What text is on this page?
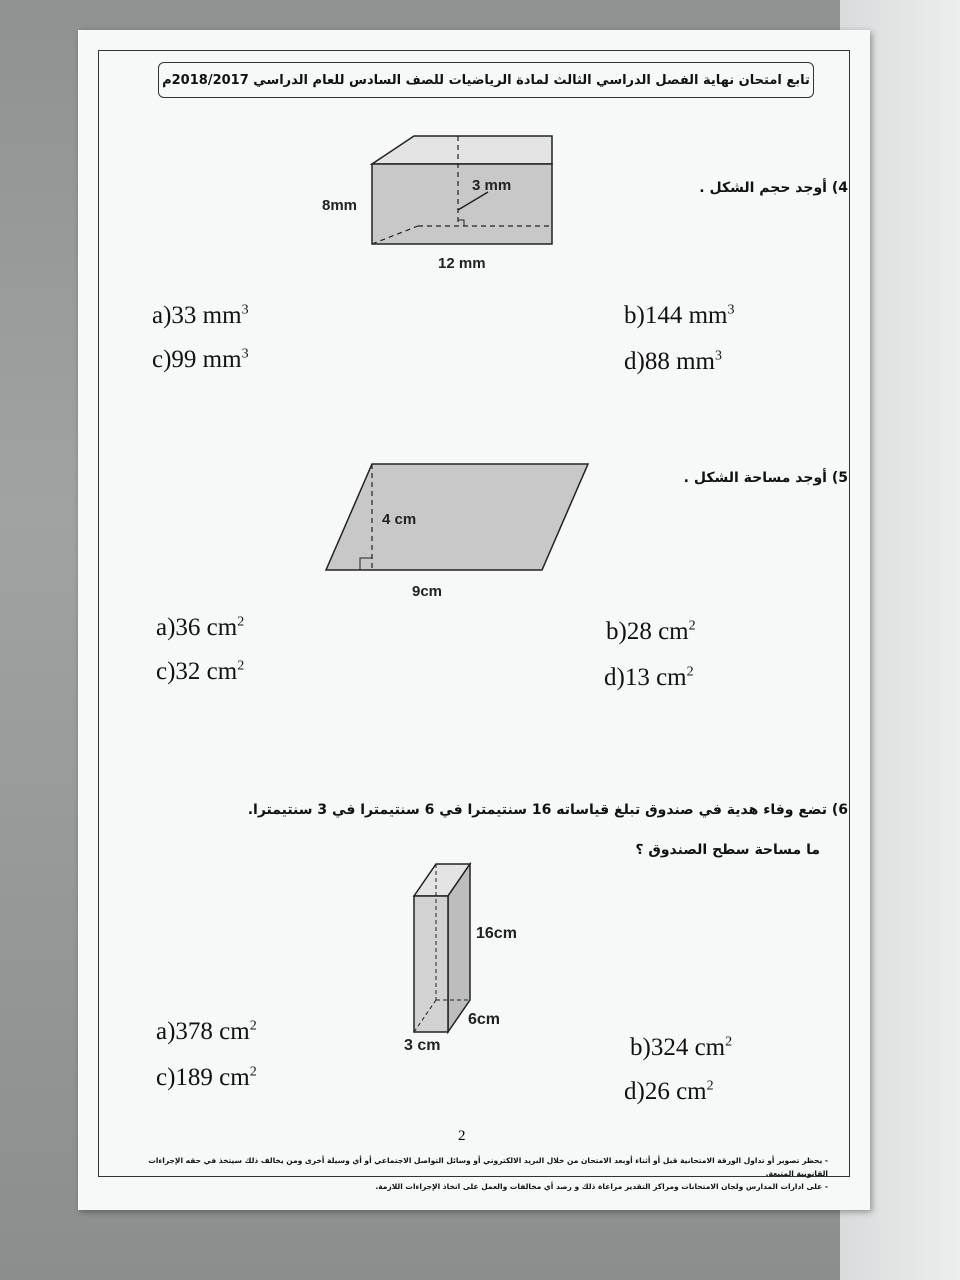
تابع امتحان نهاية الفصل الدراسي الثالث لمادة الرياضيات للصف السادس للعام الدراسي 2018/2017م
4) أوجد حجم الشكل .
3 mm
8mm
12 mm
a)33 $mm^3$	b)144 $mm^3$
c)99 $mm^3$	d)88 $mm^3$
5) أوجد مساحة الشكل .
4 cm
9cm
a)36 $cm^2$	b)28 $cm^2$
c)32 $cm^2$	d)13 $cm^2$
6) تضع وفاء هدية في صندوق تبلغ قياساته 16 سنتيمترا في 6 سنتيمترا في 3 سنتيمترا.
ما مساحة سطح الصندوق ؟
16cm
6cm
3 cm
a)378 $cm^2$
b)324 $cm^2$
c)189 $cm^2$
d)26 $cm^2$
2
- يحظر تصوير أو تداول الورقة الامتحانية قبل أو أثناء أوبعد الامتحان من خلال البريد الالكتروني أو وسائل التواصل الاجتماعي أو أي وسيلة أخرى ومن يخالف ذلك سيتخذ في حقه الإجراءات القانونية المتبعة.
- على ادارات المدارس ولجان الامتحانات ومراكز التقدير مراعاة ذلك و رصد أي مخالفات والعمل على اتخاذ الإجراءات اللازمة.
